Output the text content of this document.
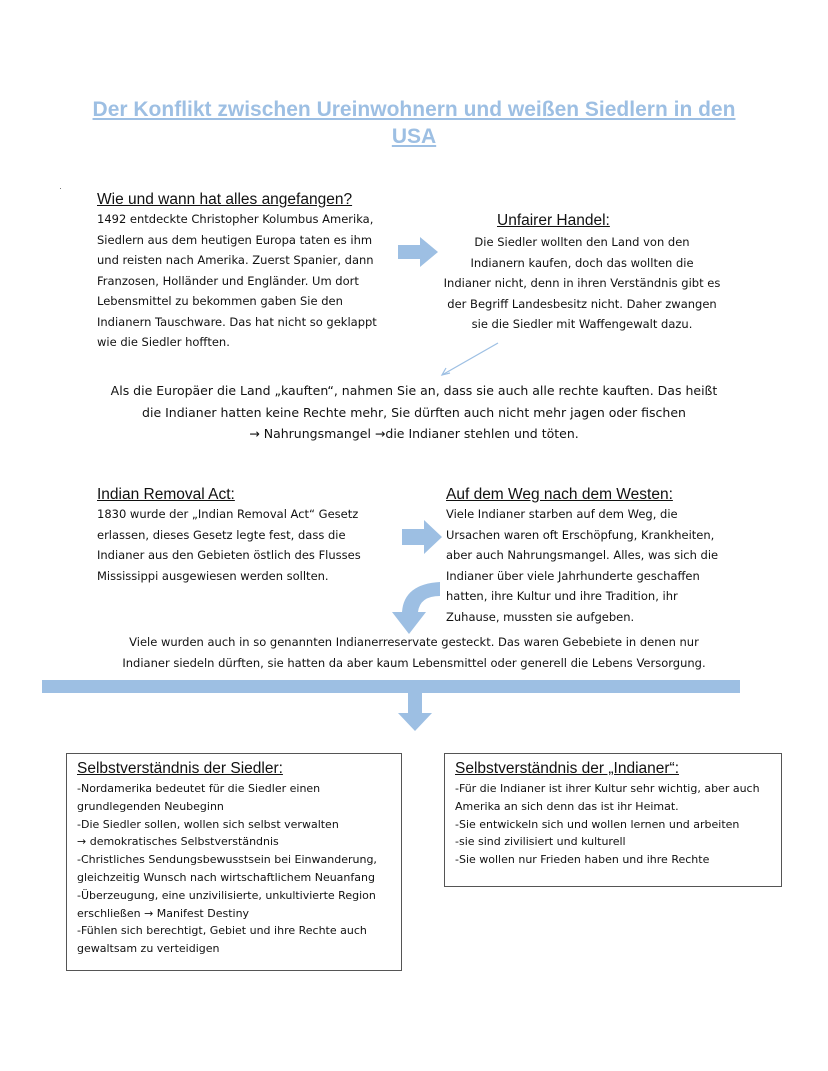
Der Konflikt zwischen Ureinwohnern und weißen Siedlern in den USA
Wie und wann hat alles angefangen?
1492 entdeckte Christopher Kolumbus Amerika,
Siedlern aus dem heutigen Europa taten es ihm
und reisten nach Amerika. Zuerst Spanier, dann
Franzosen, Holländer und Engländer. Um dort
Lebensmittel zu bekommen gaben Sie den
Indianern Tauschware. Das hat nicht so geklappt
wie die Siedler hofften.
Unfairer Handel:
Die Siedler wollten den Land von den
Indianern kaufen, doch das wollten die
Indianer nicht, denn in ihren Verständnis gibt es
der Begriff Landesbesitz nicht. Daher zwangen
sie die Siedler mit Waffengewalt dazu.
Als die Europäer die Land „kauften“, nahmen Sie an, dass sie auch alle rechte kauften. Das heißt
die Indianer hatten keine Rechte mehr, Sie dürften auch nicht mehr jagen oder fischen
→ Nahrungsmangel →die Indianer stehlen und töten.
Indian Removal Act:
1830 wurde der „Indian Removal Act“ Gesetz
erlassen, dieses Gesetz legte fest, dass die
Indianer aus den Gebieten östlich des Flusses
Mississippi ausgewiesen werden sollten.
Auf dem Weg nach dem Westen:
Viele Indianer starben auf dem Weg, die
Ursachen waren oft Erschöpfung, Krankheiten,
aber auch Nahrungsmangel. Alles, was sich die
Indianer über viele Jahrhunderte geschaffen
hatten, ihre Kultur und ihre Tradition, ihr
Zuhause, mussten sie aufgeben.
Viele wurden auch in so genannten Indianerreservate gesteckt. Das waren Gebebiete in denen nur
Indianer siedeln dürften, sie hatten da aber kaum Lebensmittel oder generell die Lebens Versorgung.
Selbstverständnis der Siedler:
-Nordamerika bedeutet für die Siedler einen
grundlegenden Neubeginn
-Die Siedler sollen, wollen sich selbst verwalten
→ demokratisches Selbstverständnis
-Christliches Sendungsbewusstsein bei Einwanderung,
gleichzeitig Wunsch nach wirtschaftlichem Neuanfang
-Überzeugung, eine unzivilisierte, unkultivierte Region
erschließen → Manifest Destiny
-Fühlen sich berechtigt, Gebiet und ihre Rechte auch
gewaltsam zu verteidigen
Selbstverständnis der „Indianer“:
-Für die Indianer ist ihrer Kultur sehr wichtig, aber auch
Amerika an sich denn das ist ihr Heimat.
-Sie entwickeln sich und wollen lernen und arbeiten
-sie sind zivilisiert und kulturell
-Sie wollen nur Frieden haben und ihre Rechte
